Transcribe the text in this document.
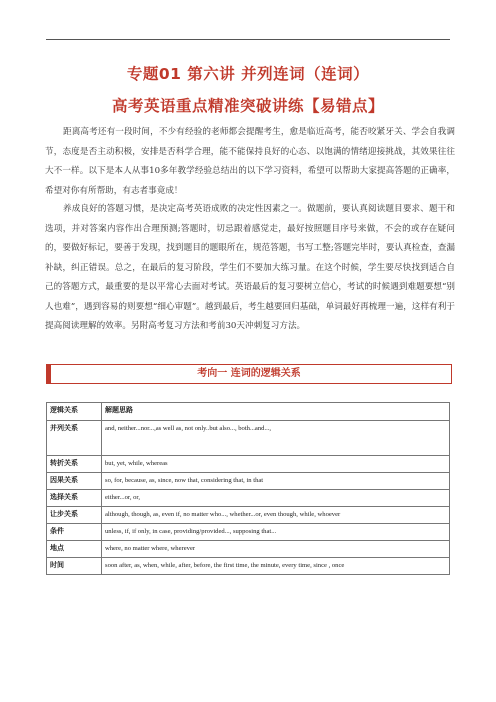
专题01 第六讲 并列连词（连词）
高考英语重点精准突破讲练【易错点】
距离高考还有一段时间，不少有经验的老师都会提醒考生，愈是临近高考，能否咬紧牙关、学会自我调节，态度是否主动积极，安排是否科学合理，能不能保持良好的心态、以饱满的情绪迎接挑战，其效果往往大不一样。以下是本人从事10多年教学经验总结出的以下学习资料，希望可以帮助大家提高答题的正确率，希望对你有所帮助，有志者事竟成！
养成良好的答题习惯，是决定高考英语成败的决定性因素之一。做题前，要认真阅读题目要求、题干和选项，并对答案内容作出合理预测;答题时，切忌跟着感觉走，最好按照题目序号来做，不会的或存在疑问的，要做好标记，要善于发现，找到题目的题眼所在，规范答题，书写工整;答题完毕时，要认真检查，查漏补缺，纠正错误。总之，在最后的复习阶段，学生们不要加大练习量。在这个时候，学生要尽快找到适合自己的答题方式，最重要的是以平常心去面对考试。英语最后的复习要树立信心，考试的时候遇到难题要想“别人也难”，遇到容易的则要想“细心审题”。越到最后，考生越要回归基础，单词最好再梳理一遍，这样有利于提高阅读理解的效率。另附高考复习方法和考前30天冲刺复习方法。
考向一 连词的逻辑关系
逻辑关系	解题思路
并列关系	and, neither...nor...,as well as, not only..but also..., both...and...,
转折关系	but, yet, while, whereas
因果关系	so, for, because, as, since, now that, considering that, in that
选择关系	either...or, or,
让步关系	although, though, as, even if, no matter who..., whether...or, even though, while, whoever
条件	unless, if, if only, in case, providing/provided..., supposing that...
地点	where, no matter where, wherever
时间	soon after, as, when, while, after, before, the first time, the minute, every time, since , once
